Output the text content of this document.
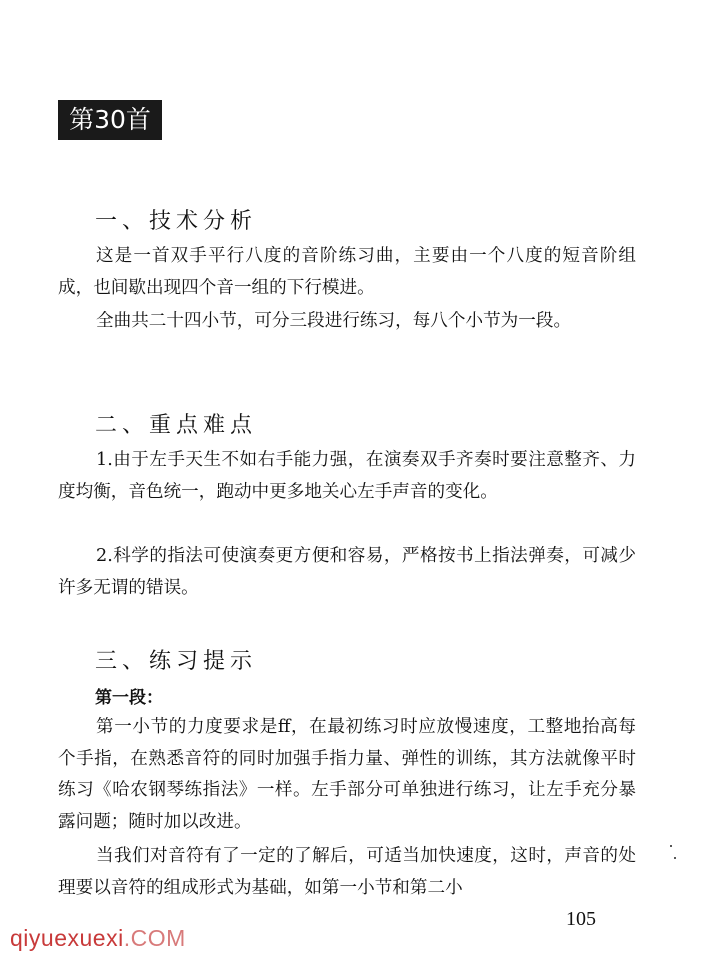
第30首
一、技术分析

这是一首双手平行八度的音阶练习曲，主要由一个八度的短音阶组成，也间歇出现四个音一组的下行模进。

全曲共二十四小节，可分三段进行练习，每八个小节为一段。

二、重点难点

1.由于左手天生不如右手能力强，在演奏双手齐奏时要注意整齐、力度均衡，音色统一，跑动中更多地关心左手声音的变化。

2.科学的指法可使演奏更方便和容易，严格按书上指法弹奏，可减少许多无谓的错误。

三、练习提示
第一段：

第一小节的力度要求是ff，在最初练习时应放慢速度，工整地抬高每个手指，在熟悉音符的同时加强手指力量、弹性的训练，其方法就像平时练习《哈农钢琴练指法》一样。左手部分可单独进行练习，让左手充分暴露问题；随时加以改进。

当我们对音符有了一定的了解后，可适当加快速度，这时，声音的处理要以音符的组成形式为基础，如第一小节和第二小

105
qiyuexuexi.COM
